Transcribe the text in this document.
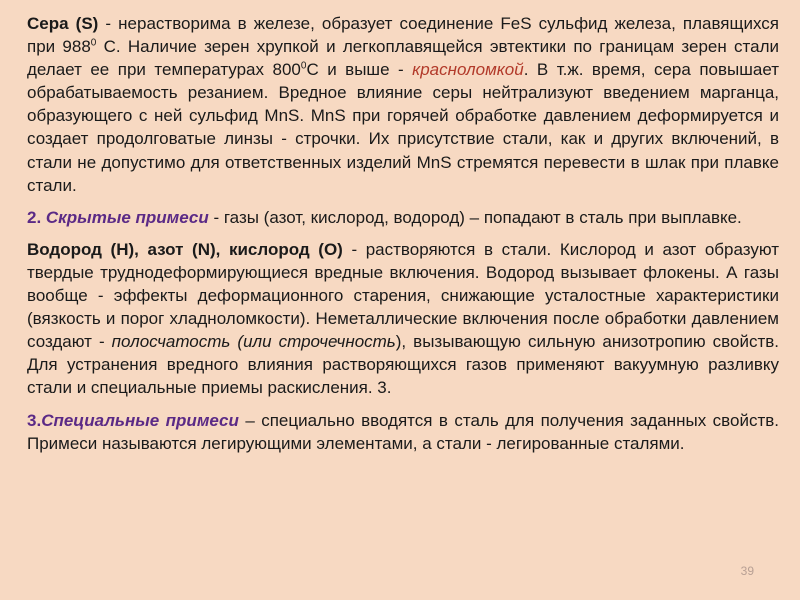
Сера (S) - нерастворима в железе, образует соединение FeS сульфид железа, плавящихся при $988^0$ С. Наличие зерен хрупкой и легкоплавящейся эвтектики по границам зерен стали делает ее при температурах $800^0С$ и выше - красноломкой. В т.ж. время, сера повышает обрабатываемость резанием. Вредное влияние серы нейтрализуют введением марганца, образующего с ней сульфид MnS. MnS при горячей обработке давлением деформируется и создает продолговатые линзы - строчки. Их присутствие стали, как и других включений, в стали не допустимо для ответственных изделий MnS стремятся перевести в шлак при плавке стали.

2. Скрытые примеси - газы (азот, кислород, водород) – попадают в сталь при выплавке.

Водород (H), азот (N), кислород (O) - растворяются в стали. Кислород и азот образуют твердые труднодеформирующиеся вредные включения. Водород вызывает флокены. А газы вообще - эффекты деформационного старения, снижающие усталостные характеристики (вязкость и порог хладноломкости). Неметаллические включения после обработки давлением создают - полосчатость (или строчечность), вызывающую сильную анизотропию свойств. Для устранения вредного влияния растворяющихся газов применяют вакуумную разливку стали и специальные приемы раскисления. 3.

3.Специальные примеси – специально вводятся в сталь для получения заданных свойств. Примеси называются легирующими элементами, а стали - легированные сталями.

39
